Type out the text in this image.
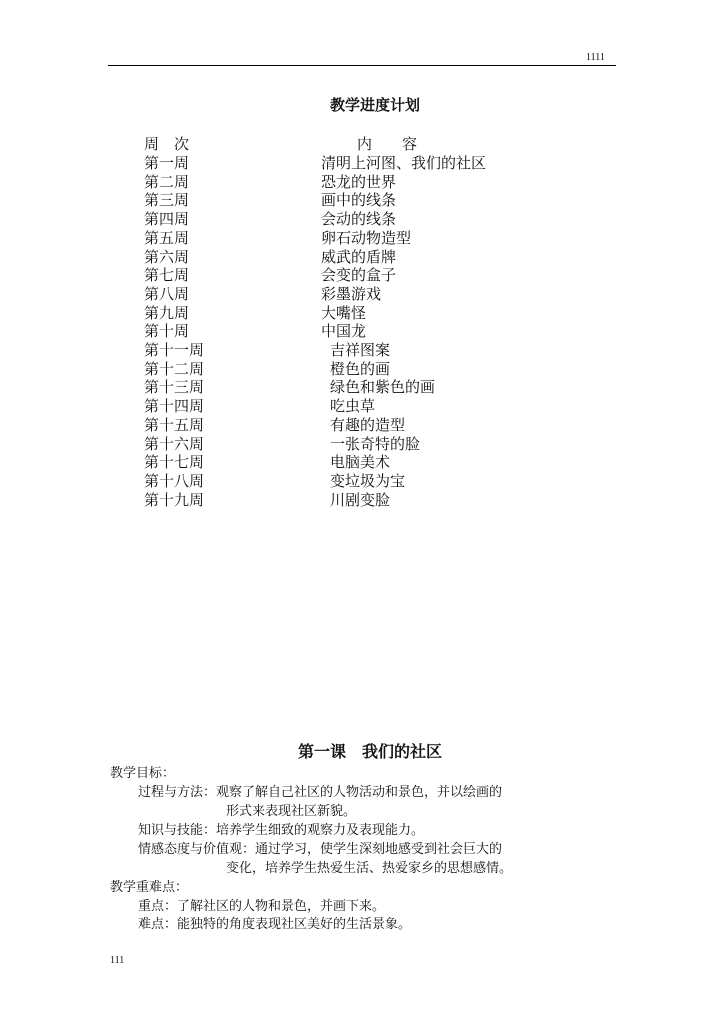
1111
教学进度计划
周　次	内　　容
第一周	清明上河图、我们的社区
第二周	恐龙的世界
第三周	画中的线条
第四周	会动的线条
第五周	卵石动物造型
第六周	威武的盾牌
第七周	会变的盒子
第八周	彩墨游戏
第九周	大嘴怪
第十周	中国龙
第十一周	吉祥图案
第十二周	橙色的画
第十三周	绿色和紫色的画
第十四周	吃虫草
第十五周	有趣的造型
第十六周	一张奇特的脸
第十七周	电脑美术
第十八周	变垃圾为宝
第十九周	川剧变脸
第一课　我们的社区
教学目标：
过程与方法：观察了解自己社区的人物活动和景色，并以绘画的
形式来表现社区新貌。
知识与技能：培养学生细致的观察力及表现能力。
情感态度与价值观：通过学习，使学生深刻地感受到社会巨大的
变化，培养学生热爱生活、热爱家乡的思想感情。
教学重难点：
重点：了解社区的人物和景色，并画下来。
难点：能独特的角度表现社区美好的生活景象。
111
